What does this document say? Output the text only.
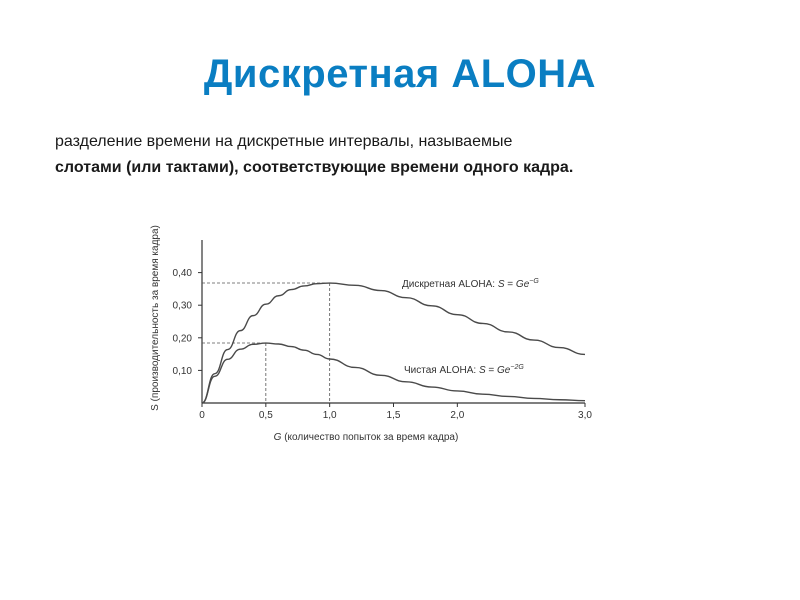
Дискретная ALOHA
разделение времени на дискретные интервалы, называемые
слотами (или тактами), соответствующие времени одного кадра.
0	0,5	1,0	1,5	2,0	3,0
0,10
0,20
0,30
0,40
G (количество попыток за время кадра)
S (производительность за время кадра)	Дискретная ALOHA: $S = Ge^{-G}$
Чистая ALOHA: $S = Ge^{-2G}$
